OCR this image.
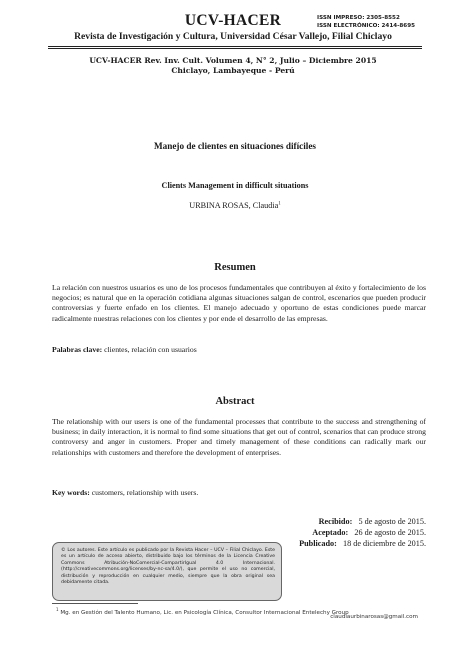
UCV-HACER	ISSN IMPRESO: 2305-8552
ISSN ELECTRÓNICO: 2414-8695
Revista de Investigación y Cultura, Universidad César Vallejo, Filial Chiclayo
UCV-HACER Rev. Inv. Cult. Volumen 4, N° 2, Julio – Diciembre 2015
Chiclayo, Lambayeque - Perú
Manejo de clientes en situaciones difíciles
Clients Management in difficult situations
URBINA ROSAS, Claudia$^1$
Resumen
La relación con nuestros usuarios es uno de los procesos fundamentales que contribuyen al éxito y fortalecimiento de los negocios; es natural que en la operación cotidiana algunas situaciones salgan de control, escenarios que pueden producir controversias y fuerte enfado en los clientes. El manejo adecuado y oportuno de estas condiciones puede marcar radicalmente nuestras relaciones con los clientes y por ende el desarrollo de las empresas.
Palabras clave: clientes, relación con usuarios
Abstract
The relationship with our users is one of the fundamental processes that contribute to the success and strengthening of business; in daily interaction, it is normal to find some situations that get out of control, scenarios that can produce strong controversy and anger in customers. Proper and timely management of these conditions can radically mark our relationships with customers and therefore the development of enterprises.
Key words: customers, relationship with users.
Recibido: 5 de agosto de 2015.
Aceptado: 26 de agosto de 2015.
Publicado: 18 de diciembre de 2015.
© Los autores. Este artículo es publicado por la Revista Hacer – UCV – Filial Chiclayo. Este es un artículo de acceso abierto, distribuido bajo los términos de la Licencia Creative Commons Atribución-NoComercial-CompartirIgual 4.0 Internacional. (http://creativecommons.org/licenses/by-nc-sa/4.0/), que permite el uso no comercial, distribución y reproducción en cualquier medio, siempre que la obra original sea debidamente citada.
$^1$ Mg. en Gestión del Talento Humano, Lic. en Psicología Clínica, Consultor Internacional Entelechy Group
claudiaurbinarosas@gmail.com
